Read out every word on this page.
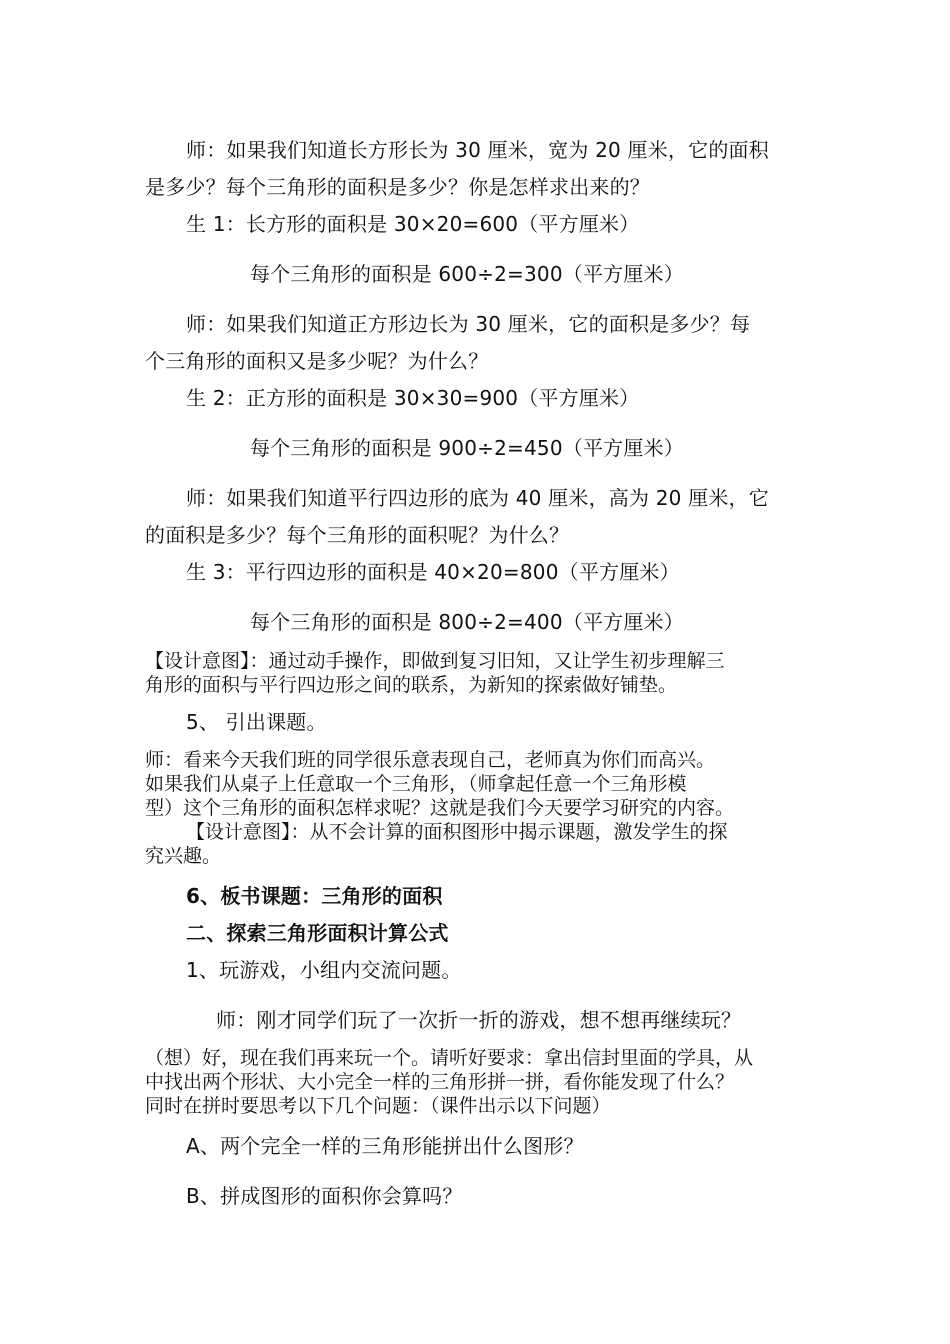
师：如果我们知道长方形长为 30 厘米，宽为 20 厘米，它的面积
是多少？每个三角形的面积是多少？你是怎样求出来的？
生 1：长方形的面积是 30×20=600（平方厘米）
每个三角形的面积是 600÷2=300（平方厘米）
师：如果我们知道正方形边长为 30 厘米，它的面积是多少？每
个三角形的面积又是多少呢？为什么？
生 2：正方形的面积是 30×30=900（平方厘米）
每个三角形的面积是 900÷2=450（平方厘米）
师：如果我们知道平行四边形的底为 40 厘米，高为 20 厘米，它
的面积是多少？每个三角形的面积呢？为什么？
生 3：平行四边形的面积是 40×20=800（平方厘米）
每个三角形的面积是 800÷2=400（平方厘米）
【设计意图】：通过动手操作，即做到复习旧知，又让学生初步理解三
角形的面积与平行四边形之间的联系，为新知的探索做好铺垫。
5、 引出课题。
师：看来今天我们班的同学很乐意表现自己，老师真为你们而高兴。
如果我们从桌子上任意取一个三角形，（师拿起任意一个三角形模
型）这个三角形的面积怎样求呢？这就是我们今天要学习研究的内容。
【设计意图】：从不会计算的面积图形中揭示课题，激发学生的探
究兴趣。
6、板书课题：三角形的面积
二、探索三角形面积计算公式
1、玩游戏，小组内交流问题。
师：刚才同学们玩了一次折一折的游戏，想不想再继续玩？
（想）好，现在我们再来玩一个。请听好要求：拿出信封里面的学具，从
中找出两个形状、大小完全一样的三角形拼一拼，看你能发现了什么？
同时在拼时要思考以下几个问题：（课件出示以下问题）
A、两个完全一样的三角形能拼出什么图形？
B、拼成图形的面积你会算吗？
